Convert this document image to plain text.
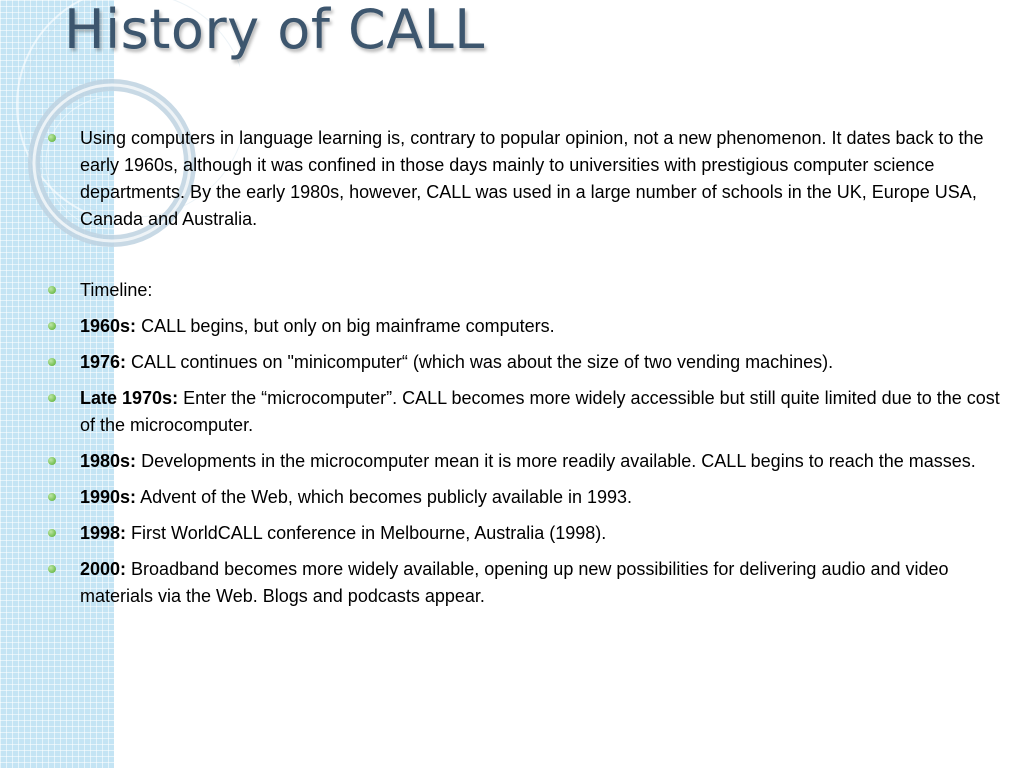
History of CALL
Using computers in language learning is, contrary to popular opinion, not a new phenomenon. It dates back to the early 1960s, although it was confined in those days mainly to universities with prestigious computer science departments. By the early 1980s, however, CALL was used in a large number of schools in the UK, Europe USA, Canada and Australia.
Timeline:
1960s: CALL begins, but only on big mainframe computers.
1976: CALL continues on "minicomputer“ (which was about the size of two vending machines).
Late 1970s: Enter the “microcomputer”. CALL becomes more widely accessible but still quite limited due to the cost of the microcomputer.
1980s: Developments in the microcomputer mean it is more readily available. CALL begins to reach the masses.
1990s: Advent of the Web, which becomes publicly available in 1993.
1998: First WorldCALL conference in Melbourne, Australia (1998).
2000: Broadband becomes more widely available, opening up new possibilities for delivering audio and video materials via the Web. Blogs and podcasts appear.
